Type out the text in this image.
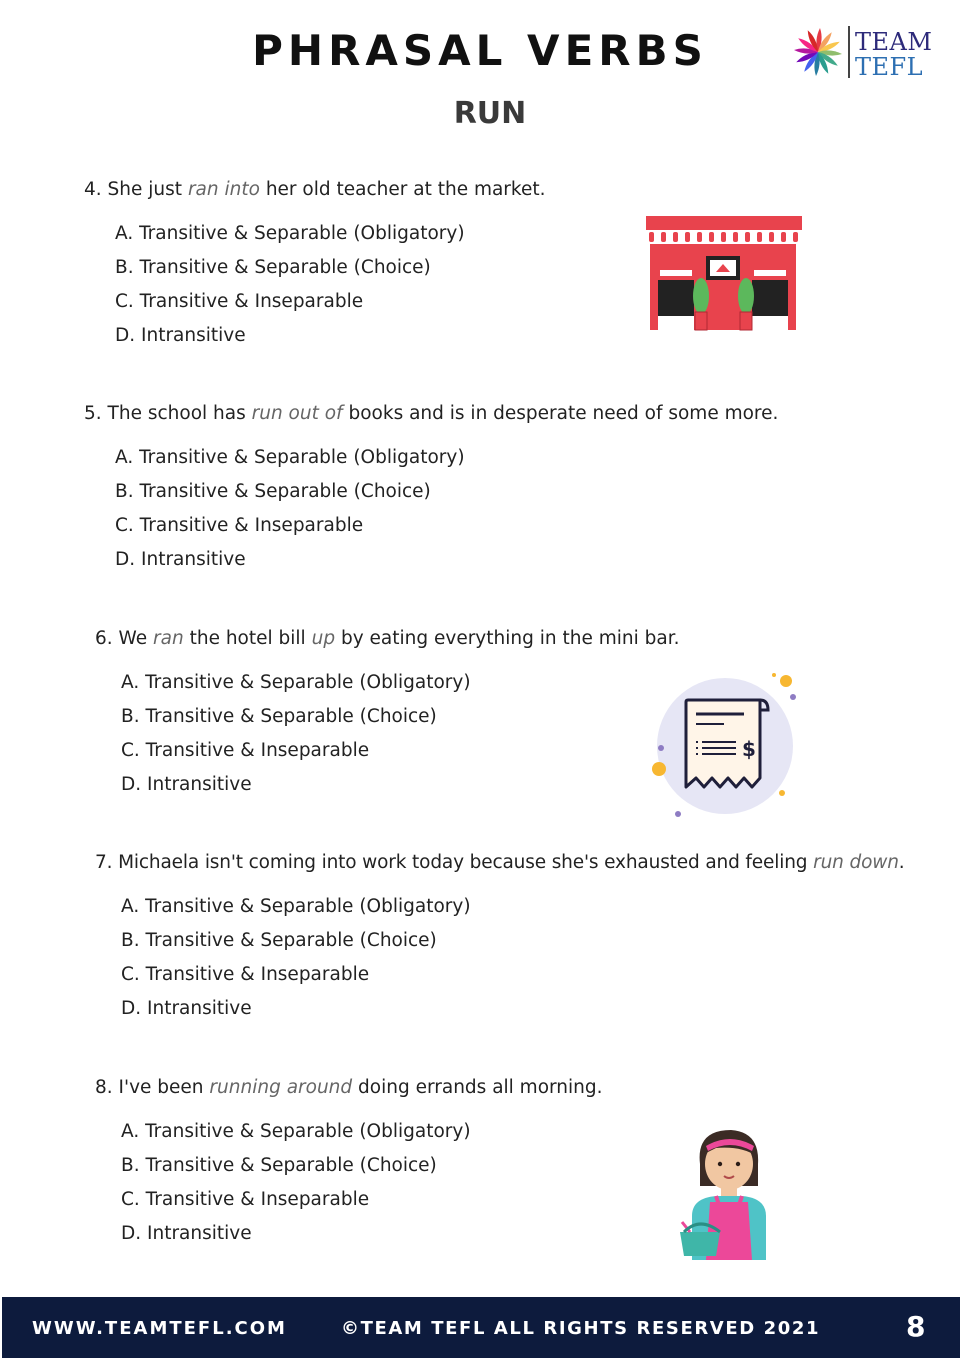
PHRASAL VERBS
RUN
TEAM
TEFL

4. She just ran into her old teacher at the market.

A. Transitive & Separable (Obligatory)
B. Transitive & Separable (Choice)
C. Transitive & Inseparable
D. Intransitive

5. The school has run out of books and is in desperate need of some more.

A. Transitive & Separable (Obligatory)
B. Transitive & Separable (Choice)
C. Transitive & Inseparable
D. Intransitive

6. We ran the hotel bill up by eating everything in the mini bar.

A. Transitive & Separable (Obligatory)
B. Transitive & Separable (Choice)
C. Transitive & Inseparable
D. Intransitive
$

7. Michaela isn't coming into work today because she's exhausted and feeling run down.

A. Transitive & Separable (Obligatory)
B. Transitive & Separable (Choice)
C. Transitive & Inseparable
D. Intransitive

8. I've been running around doing errands all morning.

A. Transitive & Separable (Obligatory)
B. Transitive & Separable (Choice)
C. Transitive & Inseparable
D. Intransitive
WWW.TEAMTEFL.COM	©TEAM TEFL ALL RIGHTS RESERVED 2021	8
